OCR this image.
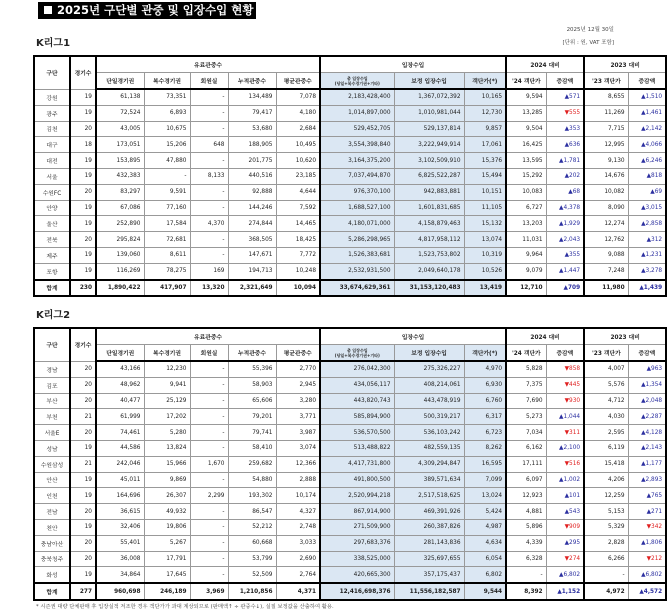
2025년 구단별 관중 및 입장수입 현황
2025년 12월 30일
[단위 : 원, VAT 포함]
K리그1
구단	경기수	유료관중수					입장수입			2024 대비		2023 대비	
		단일경기권	복수경기권	회원실	누적관중수	평균관중수	총 입장수입
(당일+복수경기권+기타)	보정 입장수입	객단가(*)	'24 객단가	증감액	'23 객단가	증감액
강원	19	61,138	73,351	-	134,489	7,078	2,183,428,400	1,367,072,392	10,165	9,594	▲571	8,655	▲1,510
광주	19	72,524	6,893	-	79,417	4,180	1,014,897,000	1,010,981,044	12,730	13,285	▼555	11,269	▲1,461
김천	20	43,005	10,675	-	53,680	2,684	529,452,705	529,137,814	9,857	9,504	▲353	7,715	▲2,142
대구	18	173,051	15,206	648	188,905	10,495	3,554,398,840	3,222,949,914	17,061	16,425	▲636	12,995	▲4,066
대전	19	153,895	47,880	-	201,775	10,620	3,164,375,200	3,102,509,910	15,376	13,595	▲1,781	9,130	▲6,246
서울	19	432,383	-	8,133	440,516	23,185	7,037,494,870	6,825,522,287	15,494	15,292	▲202	14,676	▲818
수원FC	20	83,297	9,591	-	92,888	4,644	976,370,100	942,883,881	10,151	10,083	▲68	10,082	▲69
안양	19	67,086	77,160	-	144,246	7,592	1,688,527,100	1,601,831,685	11,105	6,727	▲4,378	8,090	▲3,015
울산	19	252,890	17,584	4,370	274,844	14,465	4,180,071,000	4,158,879,463	15,132	13,203	▲1,929	12,274	▲2,858
전북	20	295,824	72,681	-	368,505	18,425	5,286,298,965	4,817,958,112	13,074	11,031	▲2,043	12,762	▲312
제주	19	139,060	8,611	-	147,671	7,772	1,526,383,681	1,523,753,802	10,319	9,964	▲355	9,088	▲1,231
포항	19	116,269	78,275	169	194,713	10,248	2,532,931,500	2,049,640,178	10,526	9,079	▲1,447	7,248	▲3,278
합계	230	1,890,422	417,907	13,320	2,321,649	10,094	33,674,629,361	31,153,120,483	13,419	12,710	▲709	11,980	▲1,439
K리그2
구단	경기수	유료관중수					입장수입			2024 대비		2023 대비	
		단일경기권	복수경기권	회원실	누적관중수	평균관중수	총 입장수입
(당일+복수경기권+기타)	보정 입장수입	객단가(*)	'24 객단가	증감액	'23 객단가	증감액
경남	20	43,166	12,230	-	55,396	2,770	276,042,300	275,326,227	4,970	5,828	▼858	4,007	▲963
김포	20	48,962	9,941	-	58,903	2,945	434,056,117	408,214,061	6,930	7,375	▼445	5,576	▲1,354
부산	20	40,477	25,129	-	65,606	3,280	443,820,743	443,478,919	6,760	7,690	▼930	4,712	▲2,048
부천	21	61,999	17,202	-	79,201	3,771	585,894,900	500,319,217	6,317	5,273	▲1,044	4,030	▲2,287
서울E	20	74,461	5,280	-	79,741	3,987	536,570,500	536,103,242	6,723	7,034	▼311	2,595	▲4,128
성남	19	44,586	13,824	-	58,410	3,074	513,488,822	482,559,135	8,262	6,162	▲2,100	6,119	▲2,143
수원삼성	21	242,046	15,966	1,670	259,682	12,366	4,417,731,800	4,309,294,847	16,595	17,111	▼516	15,418	▲1,177
안산	19	45,011	9,869	-	54,880	2,888	491,800,500	389,571,634	7,099	6,097	▲1,002	4,206	▲2,893
인천	19	164,696	26,307	2,299	193,302	10,174	2,520,994,218	2,517,518,625	13,024	12,923	▲101	12,259	▲765
전남	20	36,615	49,932	-	86,547	4,327	867,914,900	469,391,926	5,424	4,881	▲543	5,153	▲271
천안	19	32,406	19,806	-	52,212	2,748	271,509,900	260,387,826	4,987	5,896	▼909	5,329	▼342
충남아산	20	55,401	5,267	-	60,668	3,033	297,683,376	281,143,836	4,634	4,339	▲295	2,828	▲1,806
충북청주	20	36,008	17,791	-	53,799	2,690	338,525,000	325,697,655	6,054	6,328	▼274	6,266	▼212
화성	19	34,864	17,645	-	52,509	2,764	420,665,300	357,175,437	6,802	-	▲6,802	-	▲6,802
합계	277	960,698	246,189	3,969	1,210,856	4,371	12,416,698,376	11,556,182,587	9,544	8,392	▲1,152	4,972	▲4,572
* 시즌권 대량 단체판매 후 입장실적 저조한 경우 객단가가 과대 계상되므로 (판매액↑ ÷ 관중수↓), 실질 보정값을 산출하여 활용.
